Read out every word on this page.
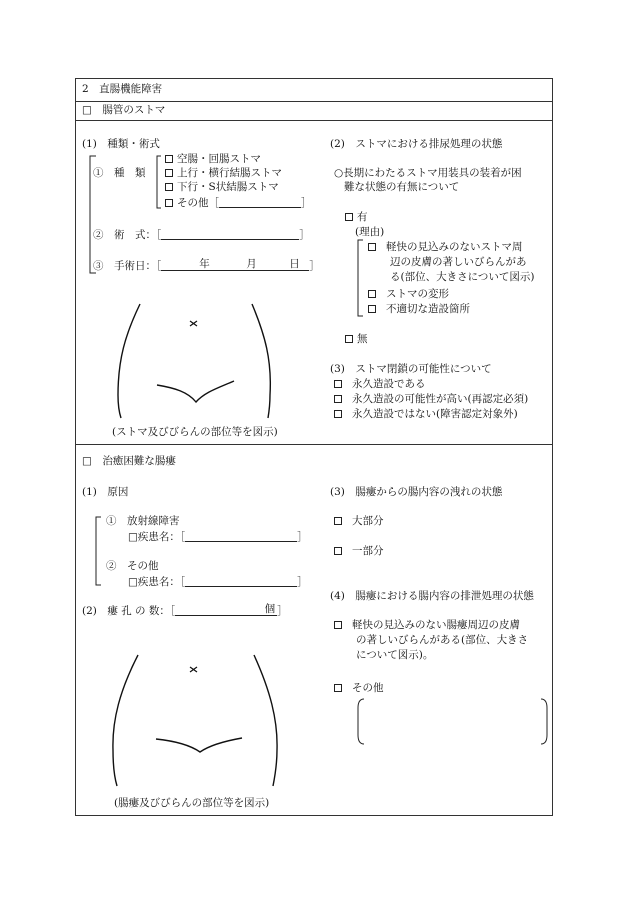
2　直腸機能障害
□　腸管のストマ
(1)　種類・術式
①　種　類
空腸・回腸ストマ
上行・横行結腸ストマ
下行・S状結腸ストマ
その他［	］
②　術　式：［	］
③　手術日：［	年	月	日 ］
(ストマ及びびらんの部位等を図示)
(2)　ストマにおける排尿処理の状態
○長期にわたるストマ用装具の装着が困
難な状態の有無について
有
(理由)
軽快の見込みのないストマ周
辺の皮膚の著しいびらんがあ
る(部位、大きさについて図示)
ストマの変形
不適切な造設箇所
無
(3)　ストマ閉鎖の可能性について
永久造設である
永久造設の可能性が高い(再認定必須)
永久造設ではない(障害認定対象外)
□　治癒困難な腸瘻
(1)　原因
①　放射線障害
□疾患名：［	］
②　その他
□疾患名：［	］
(2)　瘻 孔 の 数：［	個 ］
(腸瘻及びびらんの部位等を図示)
(3)　腸瘻からの腸内容の洩れの状態
大部分
一部分
(4)　腸瘻における腸内容の排泄処理の状態
軽快の見込みのない腸瘻周辺の皮膚
の著しいびらんがある(部位、大きさ
について図示)。
その他
